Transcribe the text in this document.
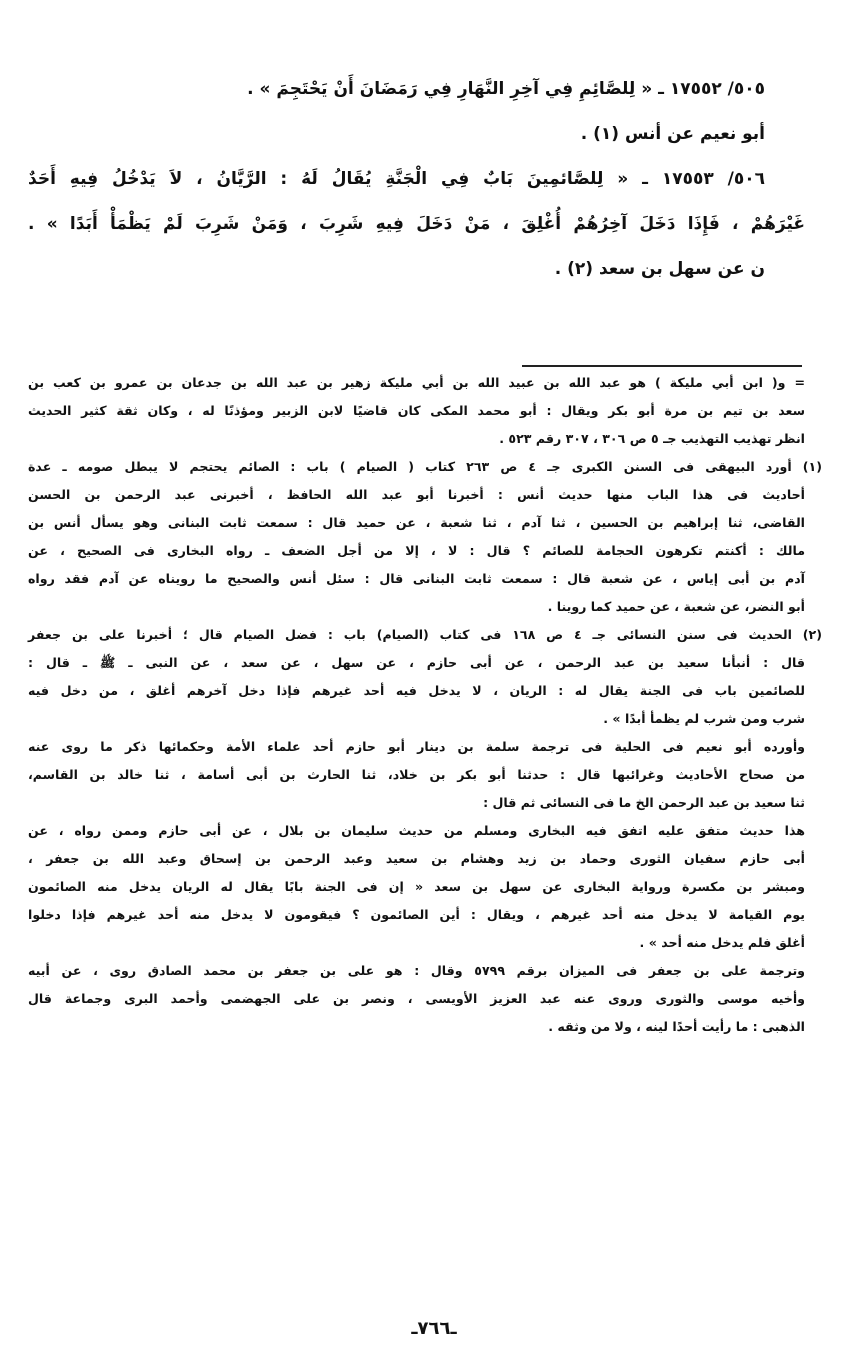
٥٠٥/ ١٧٥٥٢ ـ « لِلصَّائِمِ فِي آخِرِ النَّهَارِ فِي رَمَضَانَ أَنْ يَحْتَجِمَ » .
أبو نعيم عن أنس (١) .
٥٠٦/ ١٧٥٥٣ ـ « لِلصَّائمِينَ بَابٌ فِي الْجَنَّةِ يُقَالُ لَهُ : الرَّيَّانُ ، لاَ يَدْخُلُ فِيهِ أَحَدٌ
غَيْرَهُمْ ، فَإِذَا دَخَلَ آخِرُهُمْ أُغْلِقَ ، مَنْ دَخَلَ فِيهِ شَرِبَ ، وَمَنْ شَرِبَ لَمْ يَظْمَأْ أَبَدًا » .
ن عن سهل بن سعد (٢) .
= و( ابن أبي مليكة ) هو عبد الله بن عبيد الله بن أبي مليكة زهير بن عبد الله بن جدعان بن عمرو بن كعب بن
سعد بن تيم بن مرة أبو بكر ويقال : أبو محمد المكى كان قاضيًا لابن الزبير ومؤذنًا له ، وكان ثقة كثير الحديث
انظر تهذيب التهذيب جـ ٥ ص ٣٠٦ ، ٣٠٧ رقم ٥٢٣ .
(١) أورد البيهقى فى السنن الكبرى جـ ٤ ص ٢٦٣ كتاب ( الصيام ) باب : الصائم يحتجم لا يبطل صومه ـ عدة
أحاديث فى هذا الباب منها حديث أنس : أخبرنا أبو عبد الله الحافظ ، أخبرنى عبد الرحمن بن الحسن
القاضى، ثنا إبراهيم بن الحسين ، ثنا آدم ، ثنا شعبة ، عن حميد قال : سمعت ثابت البنانى وهو يسأل أنس بن
مالك : أكنتم تكرهون الحجامة للصائم ؟ قال : لا ، إلا من أجل الضعف ـ رواه البخارى فى الصحيح ، عن
آدم بن أبى إياس ، عن شعبة قال : سمعت ثابت البنانى قال : سئل أنس والصحيح ما رويناه عن آدم فقد رواه
أبو النضر، عن شعبة ، عن حميد كما روينا .
(٢) الحديث فى سنن النسائى جـ ٤ ص ١٦٨ فى كتاب (الصيام) باب : فضل الصيام قال ؛ أخبرنا على بن جعفر
قال : أنبأنا سعيد بن عبد الرحمن ، عن أبى حازم ، عن سهل ، عن سعد ، عن النبى ـ ﷺ ـ قال :
للصائمين باب فى الجنة يقال له : الريان ، لا يدخل فيه أحد غيرهم فإذا دخل آخرهم أغلق ، من دخل فيه
شرب ومن شرب لم يظمأ أبدًا » .
وأورده أبو نعيم فى الحلية فى ترجمة سلمة بن دينار أبو حازم أحد علماء الأمة وحكمائها ذكر ما روى عنه
من صحاح الأحاديث وغرائبها قال : حدثنا أبو بكر بن خلاد، ثنا الحارث بن أبى أسامة ، ثنا خالد بن القاسم،
ثنا سعيد بن عبد الرحمن الخ ما فى النسائى ثم قال :
هذا حديث متفق عليه اتفق فيه البخارى ومسلم من حديث سليمان بن بلال ، عن أبى حازم وممن رواه ، عن
أبى حازم سفيان الثورى وحماد بن زيد وهشام بن سعيد وعبد الرحمن بن إسحاق وعبد الله بن جعفر ،
ومبشر بن مكسرة ورواية البخارى عن سهل بن سعد « إن فى الجنة بابًا يقال له الريان يدخل منه الصائمون
يوم القيامة لا يدخل منه أحد غيرهم ، ويقال : أين الصائمون ؟ فيقومون لا يدخل منه أحد غيرهم فإذا دخلوا
أغلق فلم يدخل منه أحد » .
وترجمة على بن جعفر فى الميزان برقم ٥٧٩٩ وقال : هو على بن جعفر بن محمد الصادق روى ، عن أبيه
وأخيه موسى والثورى وروى عنه عبد العزيز الأويسى ، ونصر بن على الجهضمى وأحمد البرى وجماعة قال
الذهبى : ما رأيت أحدًا لينه ، ولا من وثقه .
ـ٧٦٦ـ
